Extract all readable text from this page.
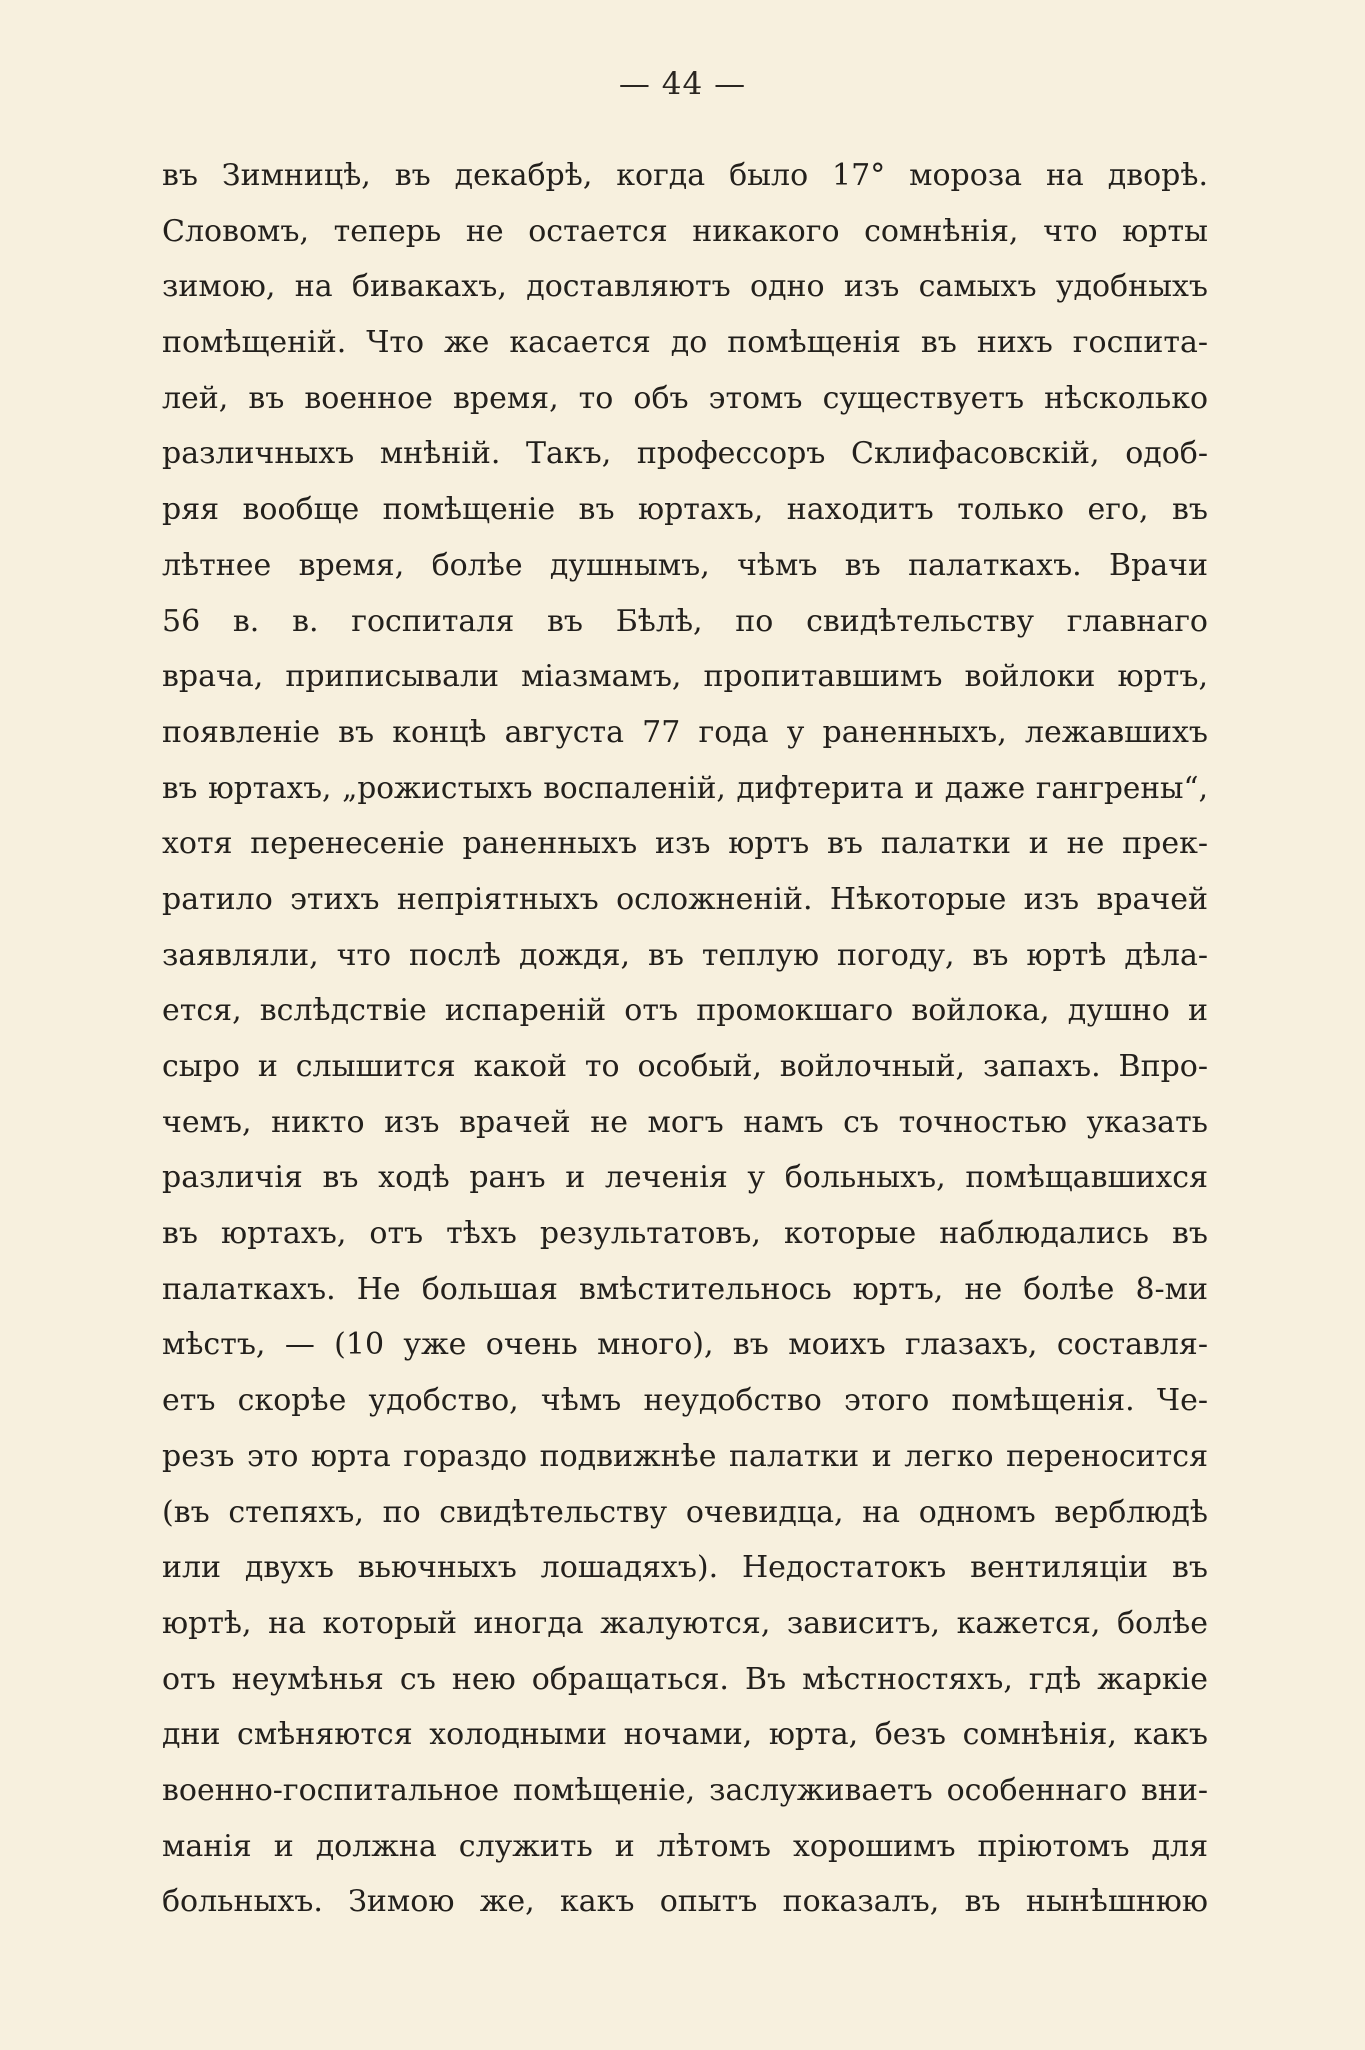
— 44 —
въ Зимницѣ, въ декабрѣ, когда было 17° мороза на дворѣ.
Словомъ, теперь не остается никакого сомнѣнія, что юрты
зимою, на бивакахъ, доставляютъ одно изъ самыхъ удобныхъ
помѣщеній. Что же касается до помѣщенія въ нихъ госпита-
лей, въ военное время, то объ этомъ существуетъ нѣсколько
различныхъ мнѣній. Такъ, профессоръ Склифасовскій, одоб-
ряя вообще помѣщеніе въ юртахъ, находитъ только его, въ
лѣтнее время, болѣе душнымъ, чѣмъ въ палаткахъ. Врачи
56 в. в. госпиталя въ Бѣлѣ, по свидѣтельству главнаго
врача, приписывали міазмамъ, пропитавшимъ войлоки юртъ,
появленіе въ концѣ августа 77 года у раненныхъ, лежавшихъ
въ юртахъ, „рожистыхъ воспаленій, дифтерита и даже гангрены“,
хотя перенесеніе раненныхъ изъ юртъ въ палатки и не прек-
ратило этихъ непріятныхъ осложненій. Нѣкоторые изъ врачей
заявляли, что послѣ дождя, въ теплую погоду, въ юртѣ дѣла-
ется, вслѣдствіе испареній отъ промокшаго войлока, душно и
сыро и слышится какой то особый, войлочный, запахъ. Впро-
чемъ, никто изъ врачей не могъ намъ съ точностью указать
различія въ ходѣ ранъ и леченія у больныхъ, помѣщавшихся
въ юртахъ, отъ тѣхъ результатовъ, которые наблюдались въ
палаткахъ. Не большая вмѣстительнось юртъ, не болѣе 8-ми
мѣстъ, — (10 уже очень много), въ моихъ глазахъ, составля-
етъ скорѣе удобство, чѣмъ неудобство этого помѣщенія. Че-
резъ это юрта гораздо подвижнѣе палатки и легко переносится
(въ степяхъ, по свидѣтельству очевидца, на одномъ верблюдѣ
или двухъ вьючныхъ лошадяхъ). Недостатокъ вентиляціи въ
юртѣ, на который иногда жалуются, зависитъ, кажется, болѣе
отъ неумѣнья съ нею обращаться. Въ мѣстностяхъ, гдѣ жаркіе
дни смѣняются холодными ночами, юрта, безъ сомнѣнія, какъ
военно-госпитальное помѣщеніе, заслуживаетъ особеннаго вни-
манія и должна служить и лѣтомъ хорошимъ пріютомъ для
больныхъ. Зимою же, какъ опытъ показалъ, въ нынѣшнюю
